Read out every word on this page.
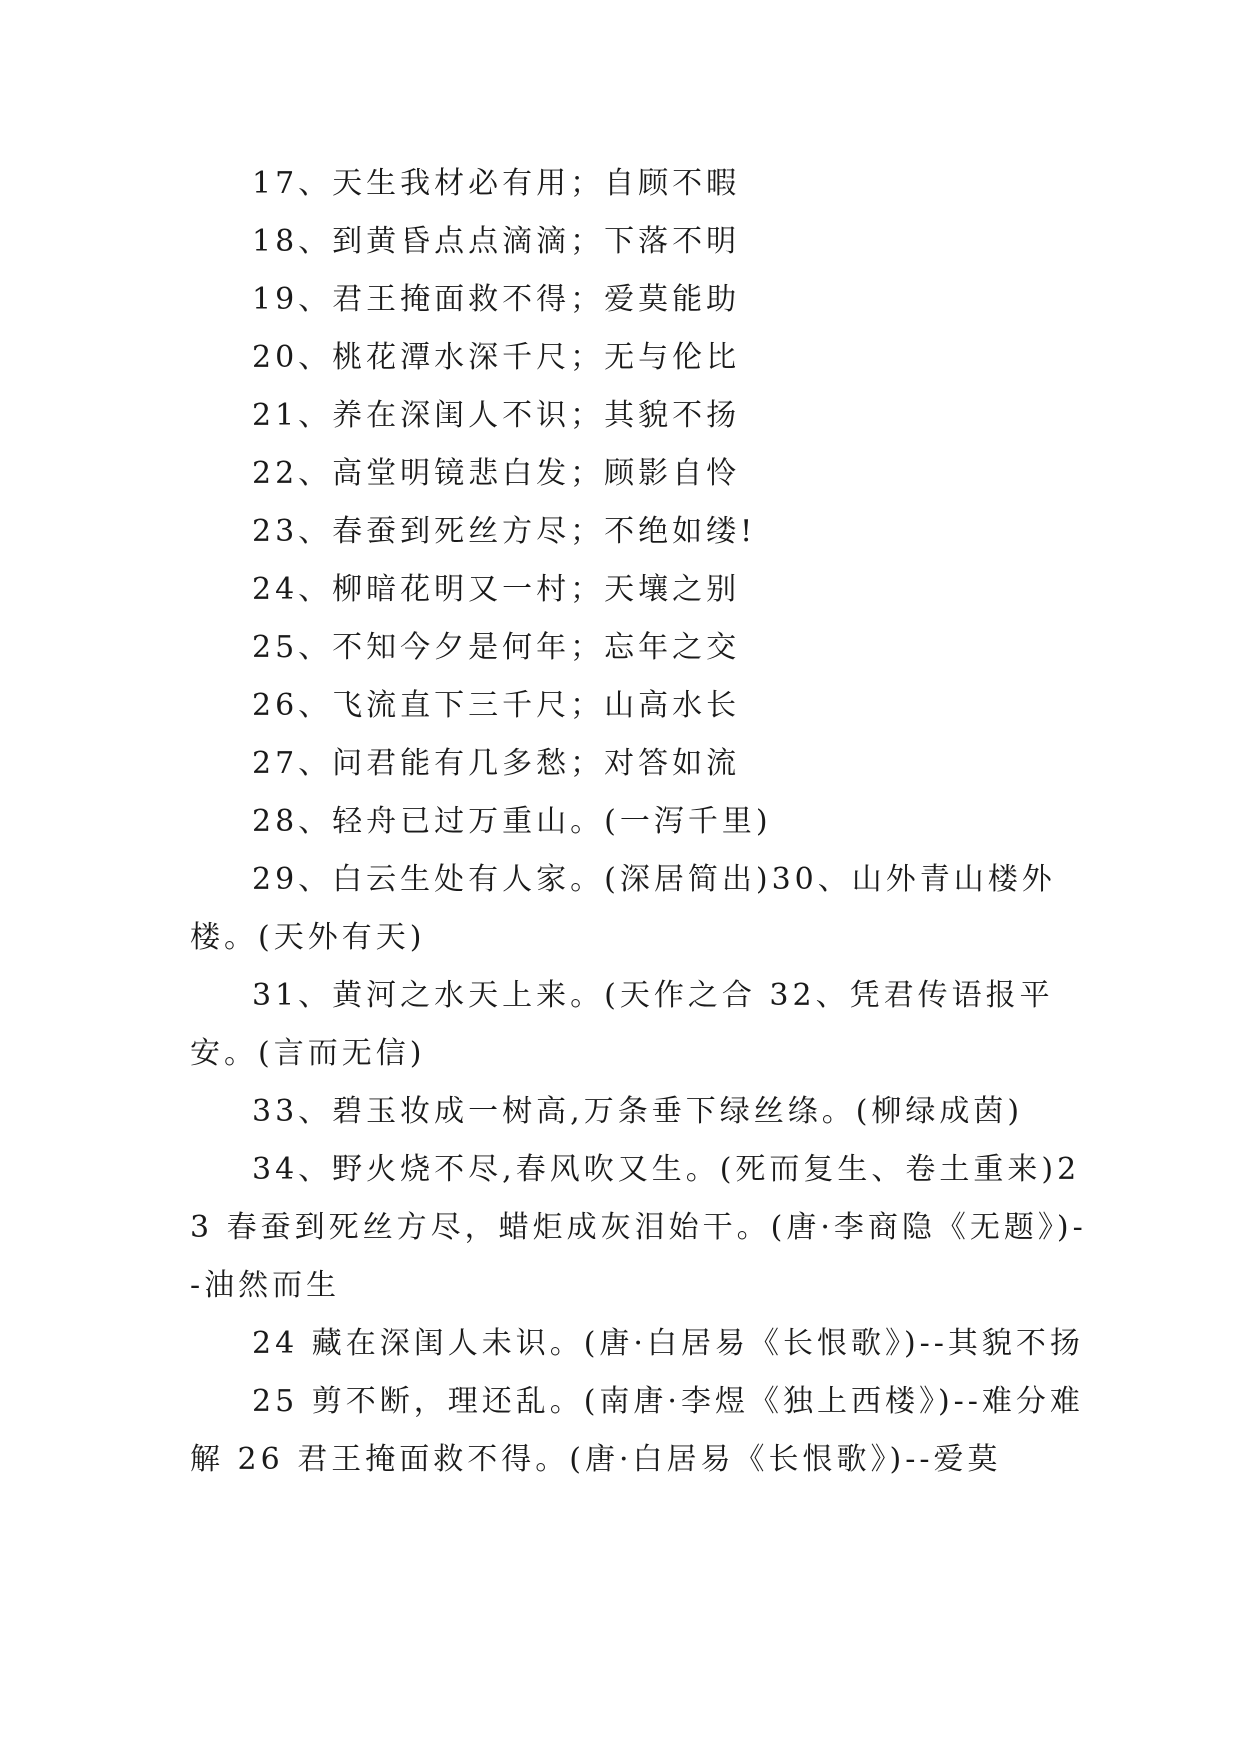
17、天生我材必有用；自顾不暇

18、到黄昏点点滴滴；下落不明

19、君王掩面救不得；爱莫能助

20、桃花潭水深千尺；无与伦比

21、养在深闺人不识；其貌不扬

22、高堂明镜悲白发；顾影自怜

23、春蚕到死丝方尽；不绝如缕!

24、柳暗花明又一村；天壤之别

25、不知今夕是何年；忘年之交

26、飞流直下三千尺；山高水长

27、问君能有几多愁；对答如流

28、轻舟已过万重山。(一泻千里)

29、白云生处有人家。(深居简出)30、山外青山楼外楼。(天外有天)

31、黄河之水天上来。(天作之合 32、凭君传语报平安。(言而无信)

33、碧玉妆成一树高,万条垂下绿丝绦。(柳绿成茵)

34、野火烧不尽,春风吹又生。(死而复生、卷土重来)23 春蚕到死丝方尽，蜡炬成灰泪始干。(唐·李商隐《无题》)--油然而生

24 藏在深闺人未识。(唐·白居易《长恨歌》)--其貌不扬

25 剪不断，理还乱。(南唐·李煜《独上西楼》)--难分难解 26 君王掩面救不得。(唐·白居易《长恨歌》)--爱莫
